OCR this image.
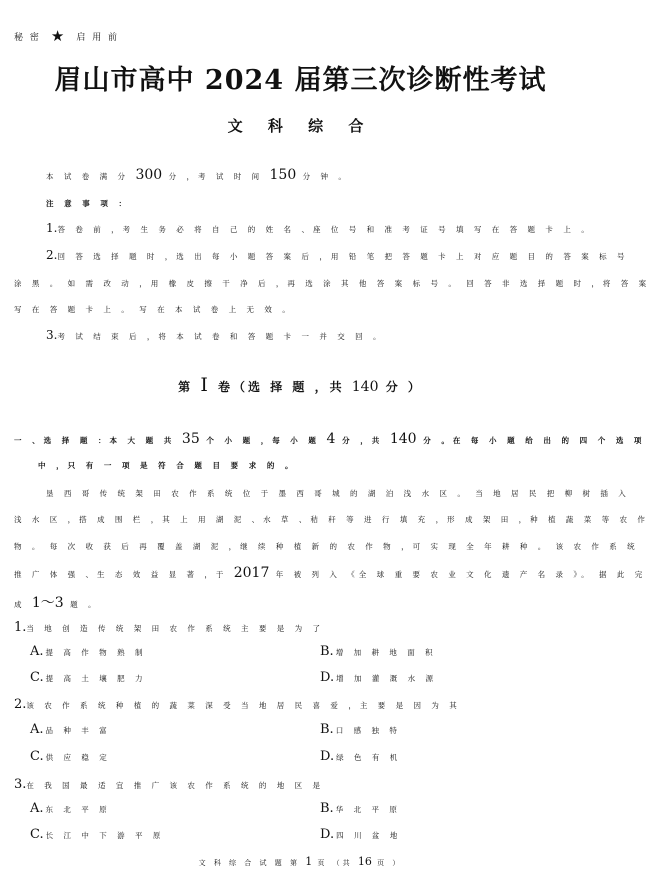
秘 密 ★ 启 用 前
眉山市高中 2024 届第三次诊断性考试
文 科 综 合
本 试 卷 满 分 300 分 ，考 试 时 间 150 分 钟 。
注 意 事 项 ：
1.答 卷 前 ，考 生 务 必 将 自 己 的 姓 名 、座 位 号 和 准 考 证 号 填 写 在 答 题 卡 上 。
2.回 答 选 择 题 时 ，选 出 每 小 题 答 案 后 ，用 铅 笔 把 答 题 卡 上 对 应 题 目 的 答 案 标 号
涂 黑 。 如 需 改 动 ，用 橡 皮 擦 干 净 后 ，再 选 涂 其 他 答 案 标 号 。 回 答 非 选 择 题 时 ，将 答 案
写 在 答 题 卡 上 。 写 在 本 试 卷 上 无 效 。
3.考 试 结 束 后 ，将 本 试 卷 和 答 题 卡 一 并 交 回 。
第 Ⅰ 卷（选 择 题 ，共 140 分 ）
一 、选 择 题 ：本 大 题 共 35 个 小 题 ，每 小 题 4 分 ，共 140 分 。在 每 小 题 给 出 的 四 个 选 项
中 ，只 有 一 项 是 符 合 题 目 要 求 的 。
垦 西 哥 传 统 架 田 农 作 系 统 位 于 墨 西 哥 城 的 湖 泊 浅 水 区 。 当 地 居 民 把 柳 树 插 入
浅 水 区 ，搭 成 围 栏 ，其 上 用 湖 泥 、水 草 、秸 秆 等 进 行 填 充 ，形 成 架 田 ，种 植 蔬 菜 等 农 作
物 。 每 次 收 获 后 再 覆 盖 湖 泥 ，继 续 种 植 新 的 农 作 物 ，可 实 现 全 年 耕 种 。 该 农 作 系 统
推 广 体 强 、生 态 效 益 显 著 ，于 2017 年 被 列 入 《全 球 重 要 农 业 文 化 遗 产 名 录 》。 据 此 完
成 1～3 题 。
1.当 地 创 造 传 统 架 田 农 作 系 统 主 要 是 为 了
A. 提 高 作 物 熟 制	B. 增 加 耕 地 面 积
C. 提 高 土 壤 肥 力	D. 增 加 灌 溉 水 源
2.该 农 作 系 统 种 植 的 蔬 菜 深 受 当 地 居 民 喜 爱 ，主 要 是 因 为 其
A. 品 种 丰 富	B. 口 感 独 特
C. 供 应 稳 定	D. 绿 色 有 机
3.在 我 国 最 适 宜 推 广 该 农 作 系 统 的 地 区 是
A. 东 北 平 原	B. 华 北 平 原
C. 长 江 中 下 游 平 原	D. 四 川 盆 地
文 科 综 合 试 题 第 1 页 （共 16 页 ）
